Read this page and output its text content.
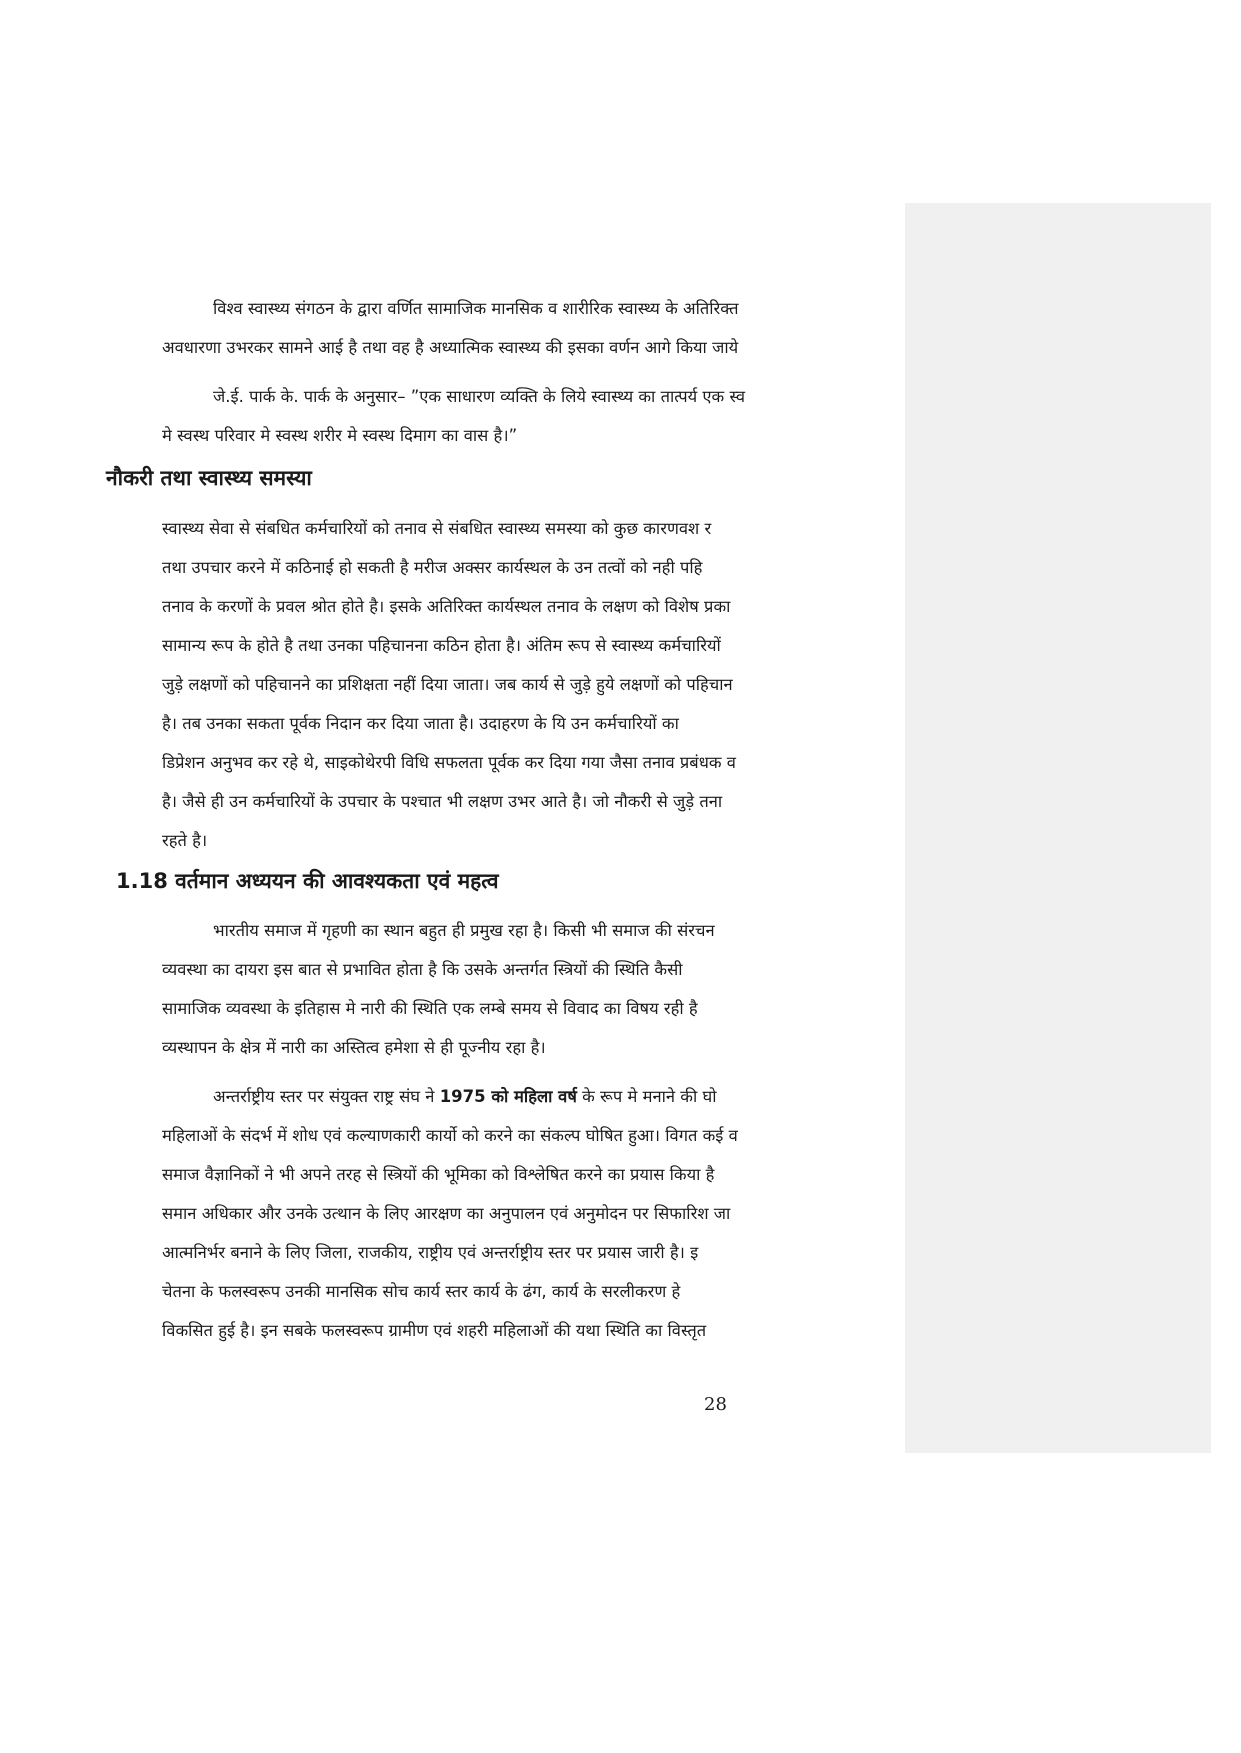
विश्व स्वास्थ्य संगठन के द्वारा वर्णित सामाजिक मानसिक व शारीरिक स्वास्थ्य के अतिरिक्त
अवधारणा उभरकर सामने आई है तथा वह है अध्यात्मिक स्वास्थ्य की इसका वर्णन आगे किया जाये
जे.ई. पार्क के. पार्क के अनुसार– ”एक साधारण व्यक्ति के लिये स्वास्थ्य का तात्पर्य एक स्व
मे स्वस्थ परिवार मे स्वस्थ शरीर मे स्वस्थ दिमाग का वास है।”
नौकरी तथा स्वास्थ्य समस्या
स्वास्थ्य सेवा से संबधित कर्मचारियों को तनाव से संबधित स्वास्थ्य समस्या को कुछ कारणवश र
तथा उपचार करने में कठिनाई हो सकती है मरीज अक्सर कार्यस्थल के उन तत्वों को नही पहि
तनाव के करणों के प्रवल श्रोत होते है। इसके अतिरिक्त कार्यस्थल तनाव के लक्षण को विशेष प्रका
सामान्य रूप के होते है तथा उनका पहिचानना कठिन होता है। अंतिम रूप से स्वास्थ्य कर्मचारियों
जुड़े लक्षणों को पहिचानने का प्रशिक्षता नहीं दिया जाता। जब कार्य से जुड़े हुये लक्षणों को पहिचान
है। तब उनका सकता पूर्वक निदान कर दिया जाता है। उदाहरण के यि उन कर्मचारियों का
डिप्रेशन अनुभव कर रहे थे, साइकोथेरपी विधि सफलता पूर्वक कर दिया गया जैसा तनाव प्रबंधक व
है। जैसे ही उन कर्मचारियों के उपचार के पश्चात भी लक्षण उभर आते है। जो नौकरी से जुड़े तना
रहते है।
1.18 वर्तमान अध्ययन की आवश्यकता एवं महत्व
भारतीय समाज में गृहणी का स्थान बहुत ही प्रमुख रहा है। किसी भी समाज की संरचन
व्यवस्था का दायरा इस बात से प्रभावित होता है कि उसके अन्तर्गत स्त्रियों की स्थिति कैसी
सामाजिक व्यवस्था के इतिहास मे नारी की स्थिति एक लम्बे समय से विवाद का विषय रही है
व्यस्थापन के क्षेत्र में नारी का अस्तित्व हमेशा से ही पूज्नीय रहा है।
अन्तर्राष्ट्रीय स्तर पर संयुक्त राष्ट्र संघ ने 1975 को महिला वर्ष के रूप मे मनाने की घो
महिलाओं के संदर्भ में शोध एवं कल्याणकारी कार्यो को करने का संकल्प घोषित हुआ। विगत कई व
समाज वैज्ञानिकों ने भी अपने तरह से स्त्रियों की भूमिका को विश्लेषित करने का प्रयास किया है
समान अधिकार और उनके उत्थान के लिए आरक्षण का अनुपालन एवं अनुमोदन पर सिफारिश जा
आत्मनिर्भर बनाने के लिए जिला, राजकीय, राष्ट्रीय एवं अन्तर्राष्ट्रीय स्तर पर प्रयास जारी है। इ
चेतना के फलस्वरूप उनकी मानसिक सोच कार्य स्तर कार्य के ढंग, कार्य के सरलीकरण हे
विकसित हुई है। इन सबके फलस्वरूप ग्रामीण एवं शहरी महिलाओं की यथा स्थिति का विस्तृत
28
